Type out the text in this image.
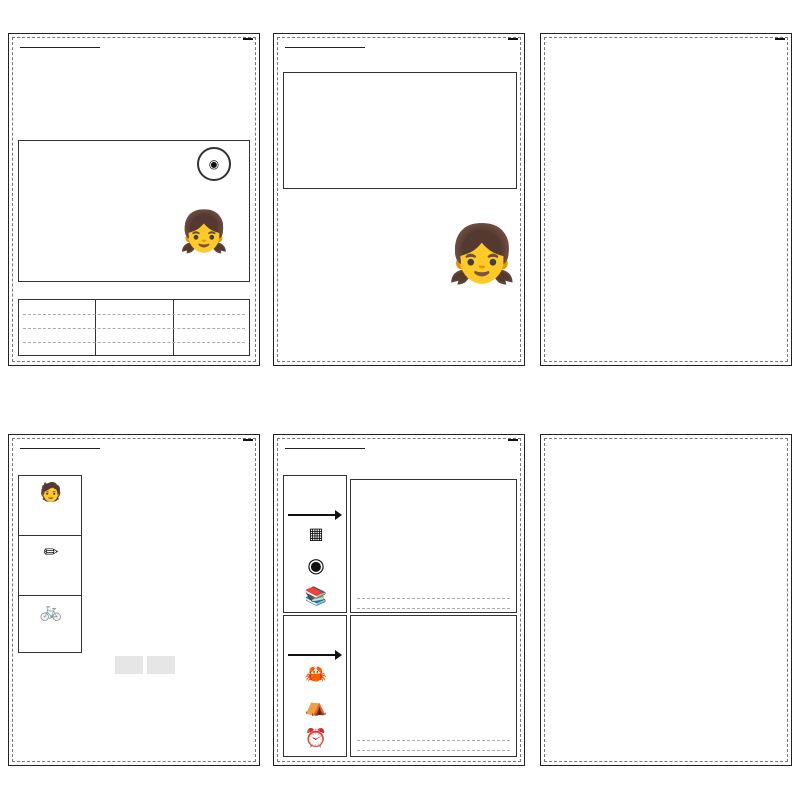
◉
👧	👧
🧑
✏
🚲
▦
◉
📚
🦀
⛺
⏰
